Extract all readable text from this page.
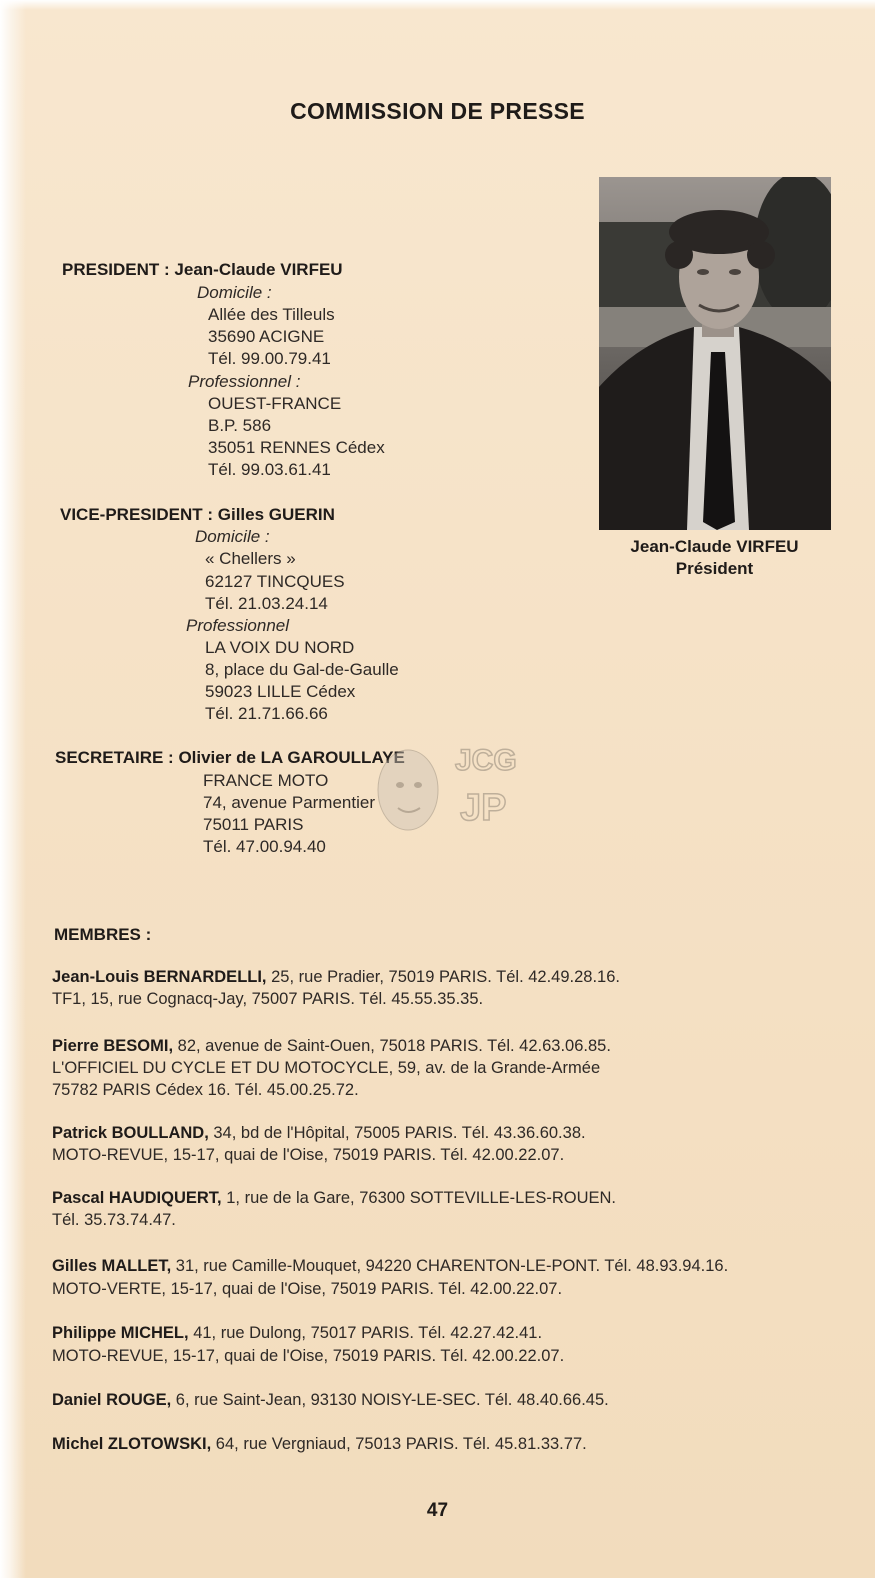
COMMISSION DE PRESSE
PRESIDENT : Jean-Claude VIRFEU
Domicile :
Allée des Tilleuls
35690 ACIGNE
Tél. 99.00.79.41
Professionnel :
OUEST-FRANCE
B.P. 586
35051 RENNES Cédex
Tél. 99.03.61.41
VICE-PRESIDENT : Gilles GUERIN
Domicile :
« Chellers »
62127 TINCQUES
Tél. 21.03.24.14
Professionnel
LA VOIX DU NORD
8, place du Gal-de-Gaulle
59023 LILLE Cédex
Tél. 21.71.66.66
SECRETAIRE : Olivier de LA GAROULLAYE
FRANCE MOTO
74, avenue Parmentier
75011 PARIS
Tél. 47.00.94.40
JCG
JP
Jean-Claude VIRFEU
Président
MEMBRES :
Jean-Louis BERNARDELLI, 25, rue Pradier, 75019 PARIS. Tél. 42.49.28.16.
TF1, 15, rue Cognacq-Jay, 75007 PARIS. Tél. 45.55.35.35.
Pierre BESOMI, 82, avenue de Saint-Ouen, 75018 PARIS. Tél. 42.63.06.85.
L'OFFICIEL DU CYCLE ET DU MOTOCYCLE, 59, av. de la Grande-Armée
75782 PARIS Cédex 16. Tél. 45.00.25.72.
Patrick BOULLAND, 34, bd de l'Hôpital, 75005 PARIS. Tél. 43.36.60.38.
MOTO-REVUE, 15-17, quai de l'Oise, 75019 PARIS. Tél. 42.00.22.07.
Pascal HAUDIQUERT, 1, rue de la Gare, 76300 SOTTEVILLE-LES-ROUEN.
Tél. 35.73.74.47.
Gilles MALLET, 31, rue Camille-Mouquet, 94220 CHARENTON-LE-PONT. Tél. 48.93.94.16.
MOTO-VERTE, 15-17, quai de l'Oise, 75019 PARIS. Tél. 42.00.22.07.
Philippe MICHEL, 41, rue Dulong, 75017 PARIS. Tél. 42.27.42.41.
MOTO-REVUE, 15-17, quai de l'Oise, 75019 PARIS. Tél. 42.00.22.07.
Daniel ROUGE, 6, rue Saint-Jean, 93130 NOISY-LE-SEC. Tél. 48.40.66.45.
Michel ZLOTOWSKI, 64, rue Vergniaud, 75013 PARIS. Tél. 45.81.33.77.
47
